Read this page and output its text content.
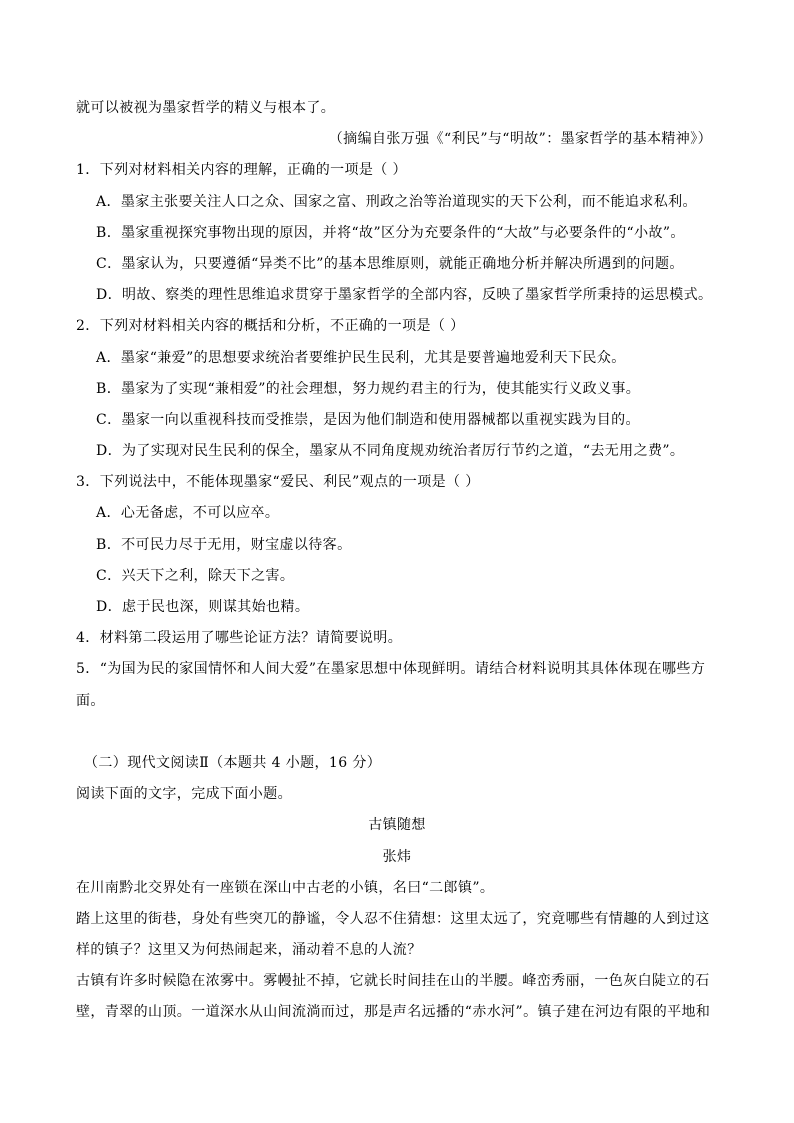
就可以被视为墨家哲学的精义与根本了。
（摘编自张万强《“利民”与“明故”：墨家哲学的基本精神》）
1．下列对材料相关内容的理解，正确的一项是（ ）
A．墨家主张要关注人口之众、国家之富、刑政之治等治道现实的天下公利，而不能追求私利。
B．墨家重视探究事物出现的原因，并将“故”区分为充要条件的“大故”与必要条件的“小故”。
C．墨家认为，只要遵循“异类不比”的基本思维原则，就能正确地分析并解决所遇到的问题。
D．明故、察类的理性思维追求贯穿于墨家哲学的全部内容，反映了墨家哲学所秉持的运思模式。
2．下列对材料相关内容的概括和分析，不正确的一项是（ ）
A．墨家“兼爱”的思想要求统治者要维护民生民利，尤其是要普遍地爱利天下民众。
B．墨家为了实现“兼相爱”的社会理想，努力规约君主的行为，使其能实行义政义事。
C．墨家一向以重视科技而受推崇，是因为他们制造和使用器械都以重视实践为目的。
D．为了实现对民生民利的保全，墨家从不同角度规劝统治者厉行节约之道，“去无用之费”。
3．下列说法中，不能体现墨家“爱民、利民”观点的一项是（ ）
A．心无备虑，不可以应卒。
B．不可民力尽于无用，财宝虚以待客。
C．兴天下之利，除天下之害。
D．虑于民也深，则谋其始也精。
4．材料第二段运用了哪些论证方法？请简要说明。
5．“为国为民的家国情怀和人间大爱”在墨家思想中体现鲜明。请结合材料说明其具体体现在哪些方
面。
（二）现代文阅读Ⅱ（本题共 4 小题，16 分）
阅读下面的文字，完成下面小题。
古镇随想
张炜
在川南黔北交界处有一座锁在深山中古老的小镇，名曰“二郎镇”。
踏上这里的街巷，身处有些突兀的静谧，令人忍不住猜想：这里太远了，究竟哪些有情趣的人到过这
样的镇子？这里又为何热闹起来，涌动着不息的人流？
古镇有许多时候隐在浓雾中。雾幔扯不掉，它就长时间挂在山的半腰。峰峦秀丽，一色灰白陡立的石
壁，青翠的山顶。一道深水从山间流淌而过，那是声名远播的“赤水河”。镇子建在河边有限的平地和
